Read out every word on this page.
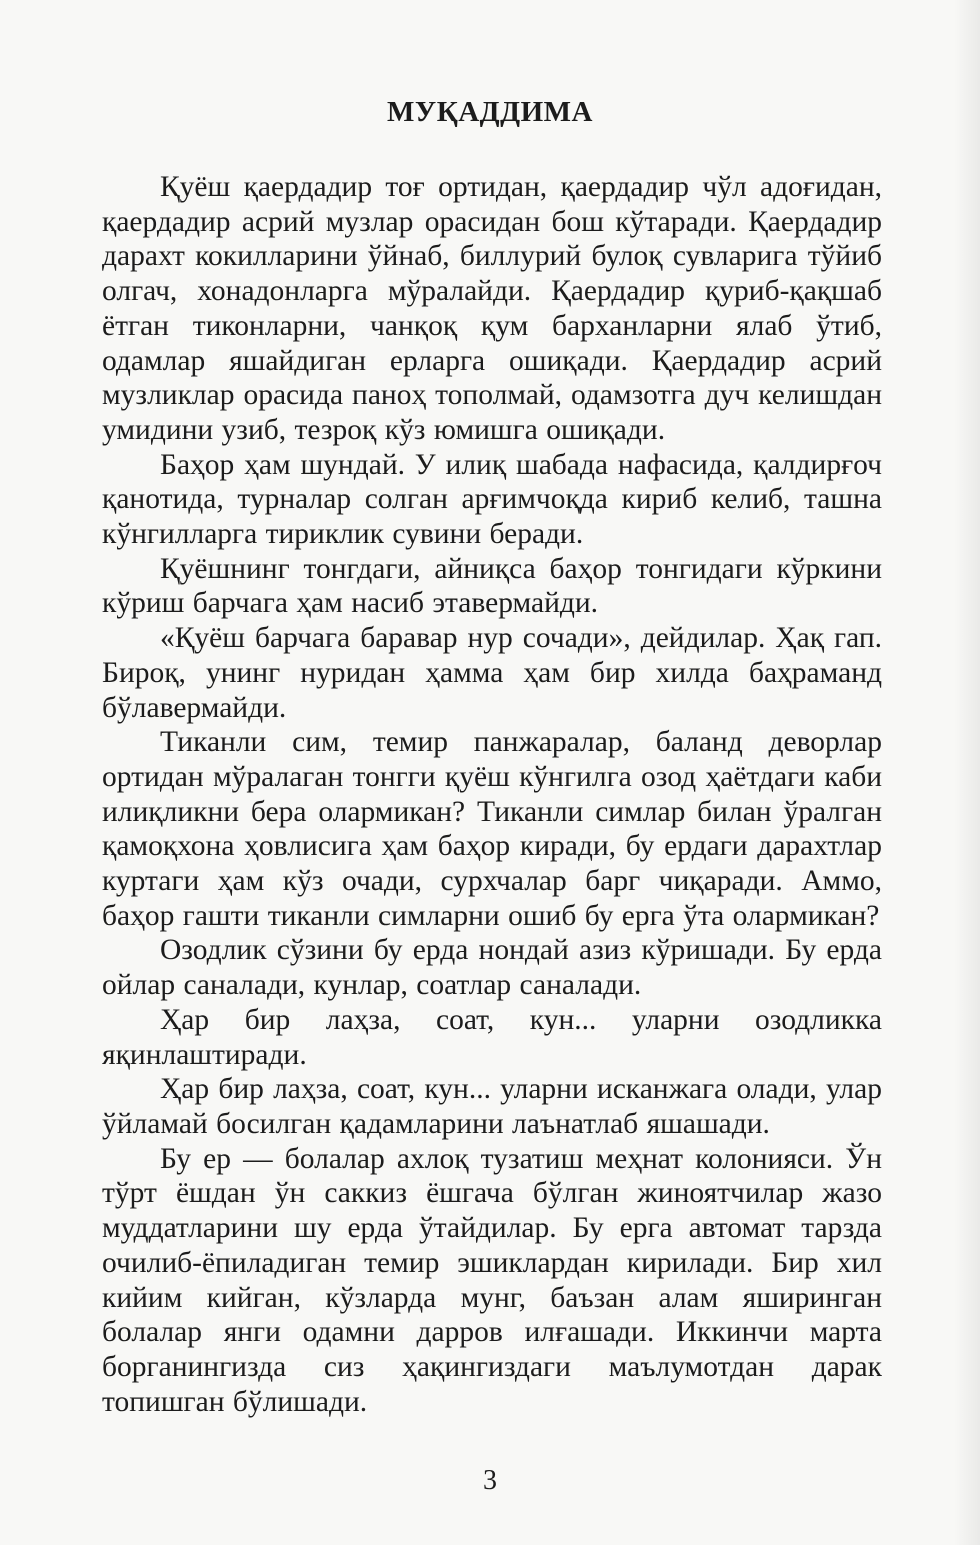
МУҚАДДИМА

Қуёш қаердадир тоғ ортидан, қаердадир чўл адоғидан, қаердадир асрий музлар орасидан бош кўтаради. Қаердадир дарахт кокилларини ўйнаб, биллурий булоқ сувларига тўйиб олгач, хонадонларга мўралайди. Қаердадир қуриб-қақшаб ётган тиконларни, чанқоқ қум барханларни ялаб ўтиб, одамлар яшайдиган ерларга ошиқади. Қаердадир асрий музликлар орасида паноҳ тополмай, одамзотга дуч келишдан умидини узиб, тезроқ кўз юмишга ошиқади.

Баҳор ҳам шундай. У илиқ шабада нафасида, қалдирғоч қанотида, турналар солган арғимчоқда кириб келиб, ташна кўнгилларга тириклик сувини беради.

Қуёшнинг тонгдаги, айниқса баҳор тонгидаги кўркини кўриш барчага ҳам насиб этавермайди.

«Қуёш барчага баравар нур сочади», дейдилар. Ҳақ гап. Бироқ, унинг нуридан ҳамма ҳам бир хилда баҳраманд бўлавермайди.

Тиканли сим, темир панжаралар, баланд деворлар ортидан мўралаган тонгги қуёш кўнгилга озод ҳаётдаги каби илиқликни бера олармикан? Тиканли симлар билан ўралган қамоқхона ҳовлисига ҳам баҳор киради, бу ердаги дарахтлар куртаги ҳам кўз очади, сурхчалар барг чиқаради. Аммо, баҳор гашти тиканли симларни ошиб бу ерга ўта олармикан?

Озодлик сўзини бу ерда нондай азиз кўришади. Бу ерда ойлар саналади, кунлар, соатлар саналади.

Ҳар бир лаҳза, соат, кун... уларни озодликка яқинлаштиради.

Ҳар бир лаҳза, соат, кун... уларни исканжага олади, улар ўйламай босилган қадамларини лаънатлаб яшашади.

Бу ер — болалар ахлоқ тузатиш меҳнат колонияси. Ўн тўрт ёшдан ўн саккиз ёшгача бўлган жиноятчилар жазо муддатларини шу ерда ўтайдилар. Бу ерга автомат тарзда очилиб-ёпиладиган темир эшиклардан кирилади. Бир хил кийим кийган, кўзларда мунг, баъзан алам яширинган болалар янги одамни дарров илғашади. Иккинчи марта борганингизда сиз ҳақингиздаги маълумотдан дарак топишган бўлишади.

3
